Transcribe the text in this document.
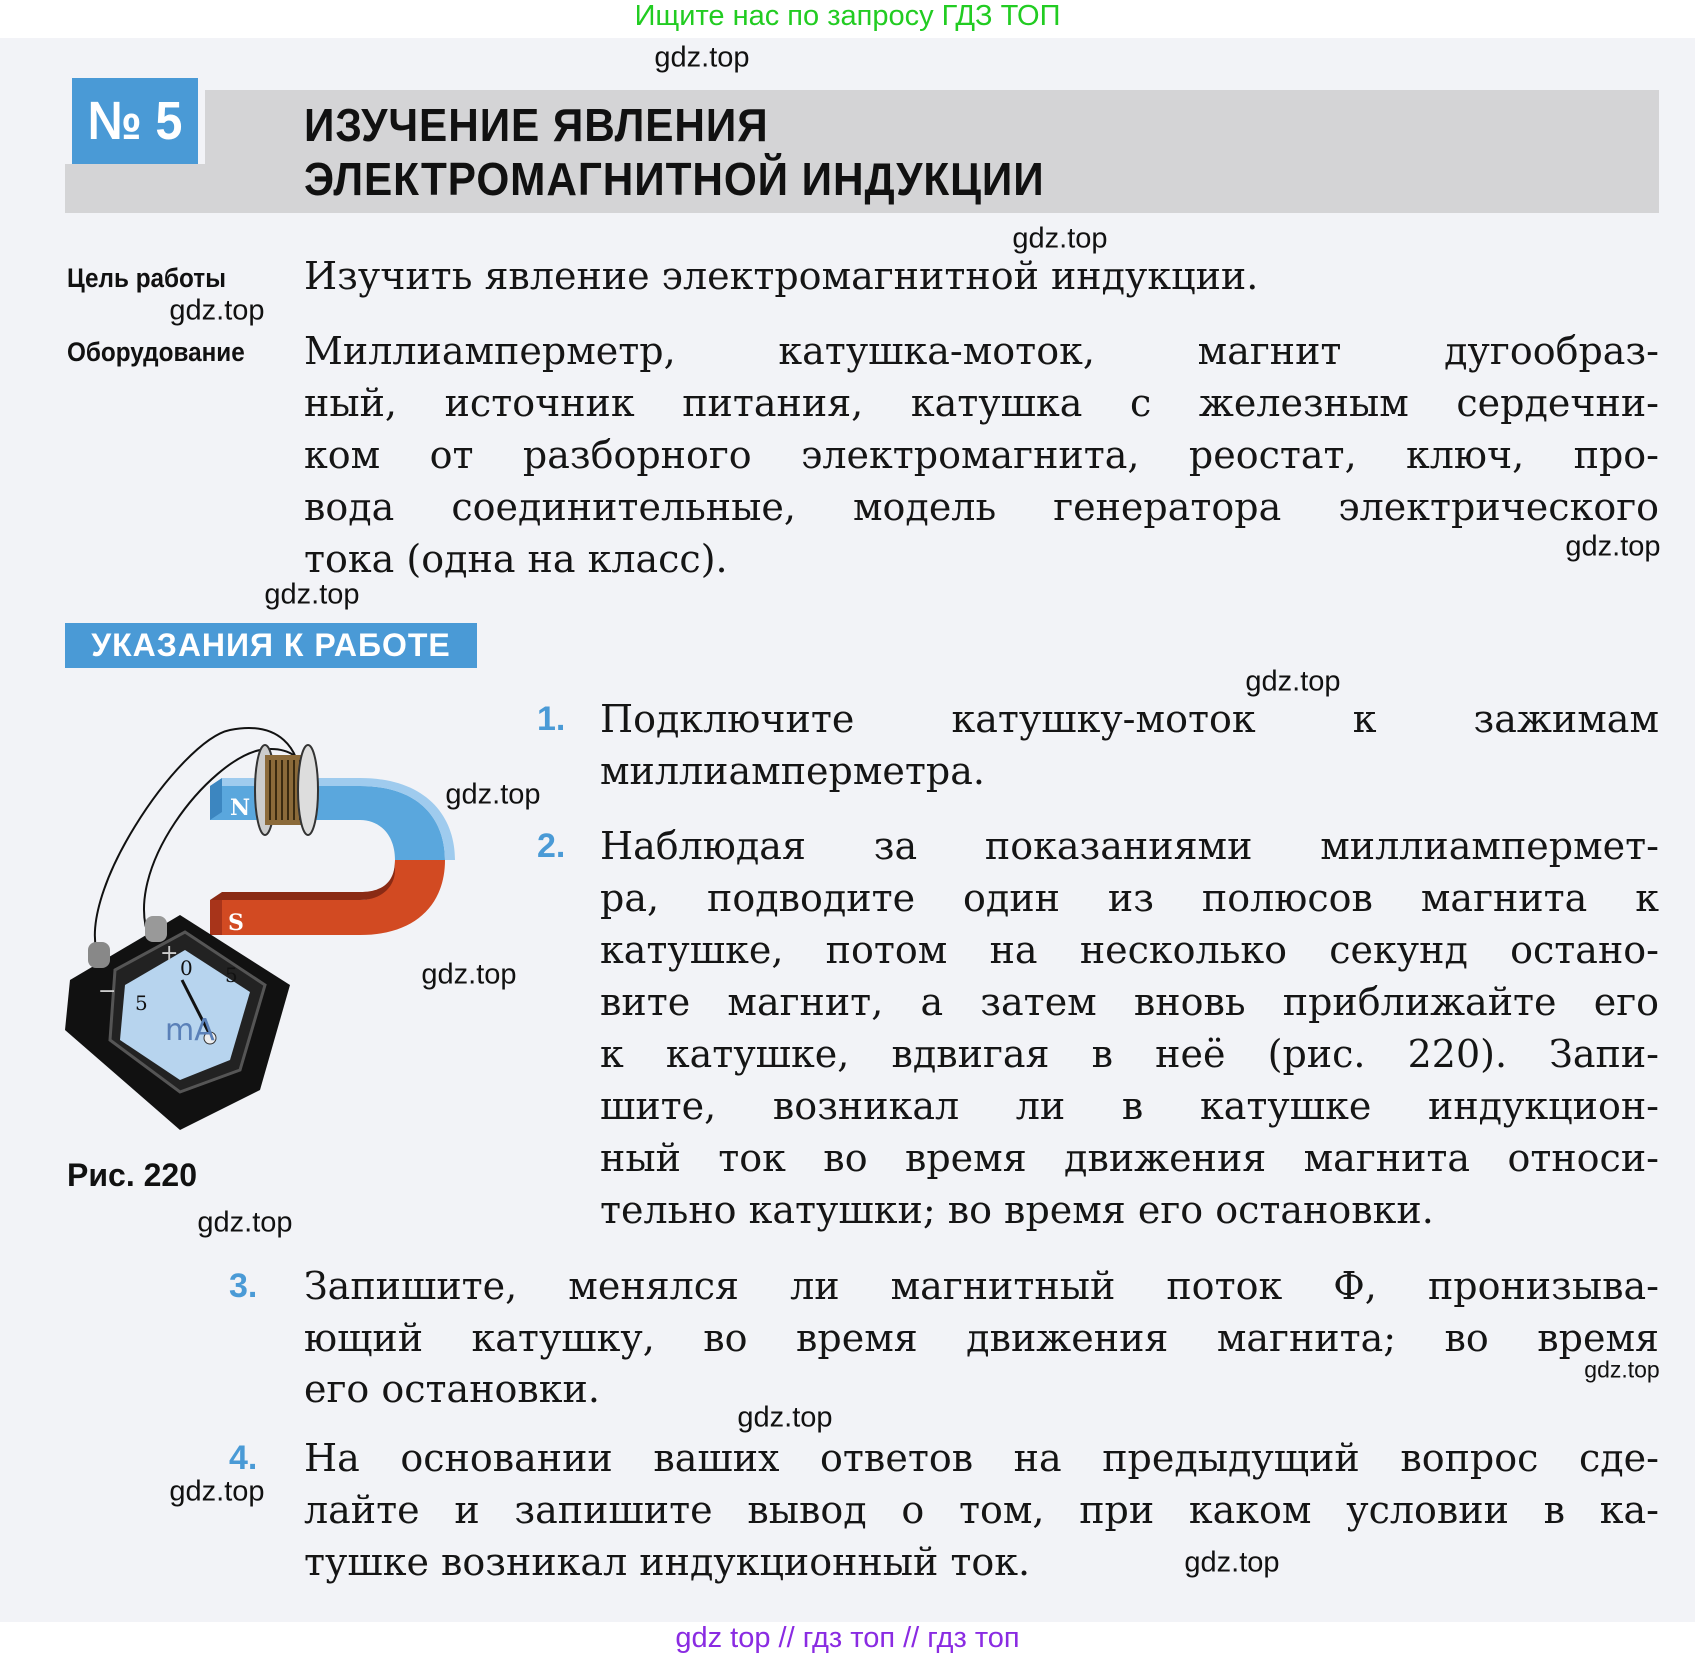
Ищите нас по запросу ГДЗ ТОП
№ 5	ИЗУЧЕНИЕ ЯВЛЕНИЯ
ЭЛЕКТРОМАГНИТНОЙ ИНДУКЦИИ
Цель работы Изучить явление электромагнитной индукции.
Оборудование Миллиамперметр, катушка-моток, магнит дугообраз-
ный, источник питания, катушка с железным сердечни-
ком от разборного электромагнита, реостат, ключ, про-
вода соединительные, модель генератора электрического
тока (одна на класс).
УКАЗАНИЯ К РАБОТЕ
1. Подключите катушку-моток к зажимам
миллиамперметра.
2. Наблюдая за показаниями миллиампермет-
ра, подводите один из полюсов магнита к
катушке, потом на несколько секунд остано-
вите магнит, а затем вновь приближайте его
к катушке, вдвигая в неё (рис. 220). Запи-
шите, возникал ли в катушке индукцион-
ный ток во время движения магнита относи-
тельно катушки; во время его остановки.
3. Запишите, менялся ли магнитный поток Ф, пронизыва-
ющий катушку, во время движения магнита; во время
его остановки.
4. На основании ваших ответов на предыдущий вопрос сде-
лайте и запишите вывод о том, при каком условии в ка-
тушке возникал индукционный ток.
N
S
0
5
5
mA
−
+
Рис. 220
gdz.top
gdz.top
gdz.top
gdz.top
gdz.top
gdz.top
gdz.top
gdz.top
gdz.top
gdz.top
gdz.top
gdz.top
gdz.top
gdz top // гдз топ // гдз топ
